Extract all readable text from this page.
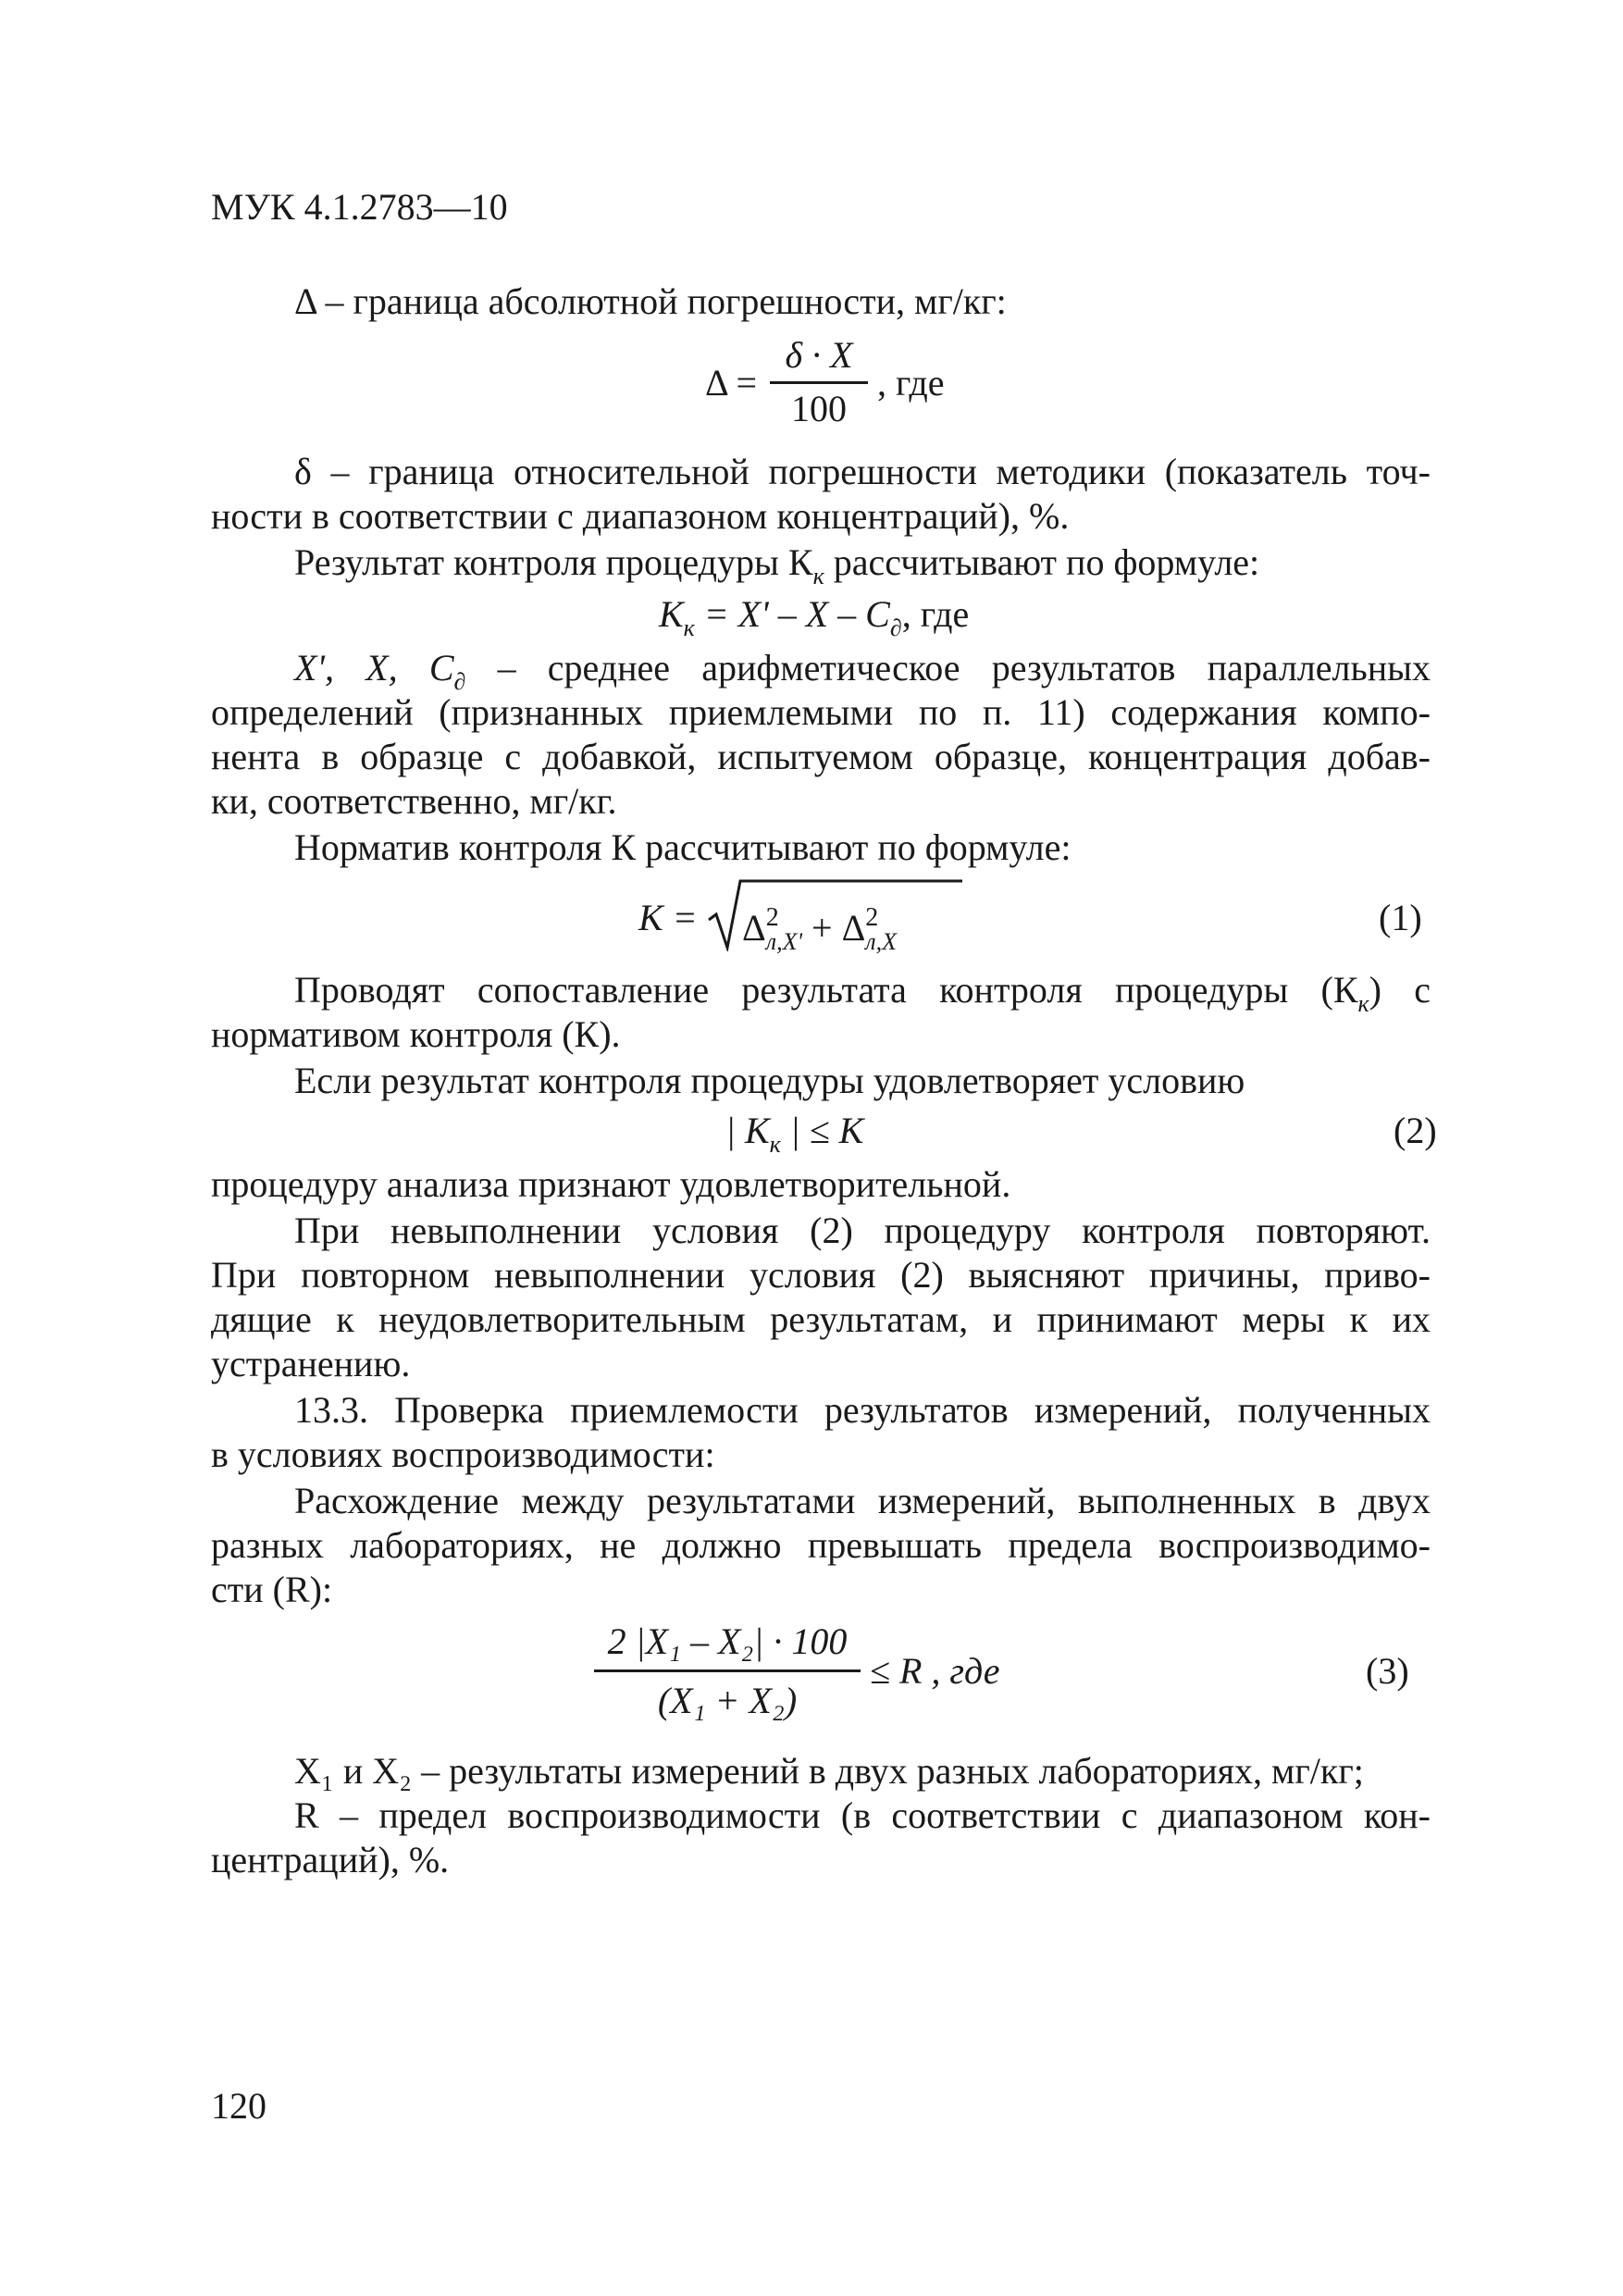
МУК 4.1.2783—10
Δ – граница абсолютной погрешности, мг/кг:
Δ =
δ · X
100
, где
δ – граница относительной погрешности методики (показатель точ-
ности в соответствии с диапазоном концентраций), %.
Результат контроля процедуры $К_к$ рассчитывают по формуле:
$К_к = X' - X - C_\partial$, где
X', X, $C_\partial$ – среднее арифметическое результатов параллельных
определений (признанных приемлемыми по п. 11) содержания компо-
нента в образце с добавкой, испытуемом образце, концентрация добав-
ки, соответственно, мг/кг.
Норматив контроля К рассчитывают по формуле:
$K = \Delta^2_{л,X'} + \Delta^2_{л,X}$
(1)
Проводят сопоставление результата контроля процедуры $(К_к)$ с
нормативом контроля (К).
Если результат контроля процедуры удовлетворяет условию
| $К_к$ | ≤ К	(2)
процедуру анализа признают удовлетворительной.
При невыполнении условия (2) процедуру контроля повторяют.
При повторном невыполнении условия (2) выясняют причины, приво-
дящие к неудовлетворительным результатам, и принимают меры к их
устранению.
13.3. Проверка приемлемости результатов измерений, полученных
в условиях воспроизводимости:
Расхождение между результатами измерений, выполненных в двух
разных лабораториях, не должно превышать предела воспроизводимо-
сти (R):
2 |X₁ – X₂| · 100
(X₁ + X₂)
≤ R , где	(3)
X₁ и X₂ – результаты измерений в двух разных лабораториях, мг/кг;
R – предел воспроизводимости (в соответствии с диапазоном кон-
центраций), %.
120
